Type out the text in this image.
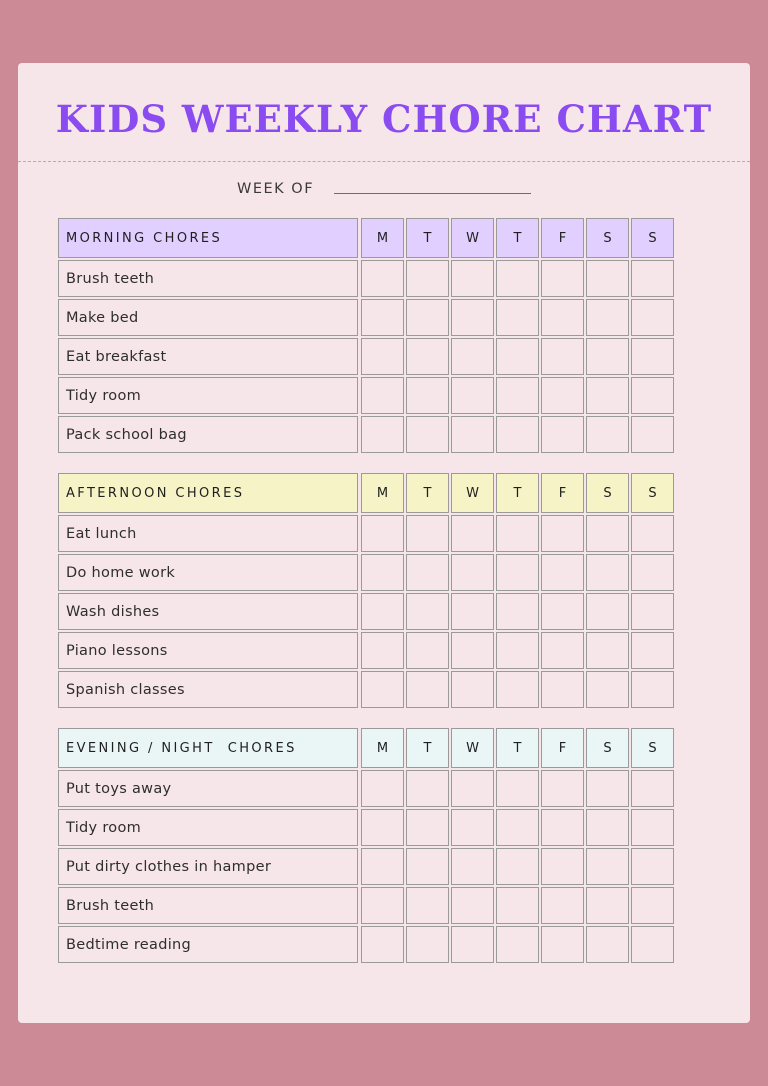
KIDS WEEKLY CHORE CHART
WEEK OF
MORNING CHORES	M	T	W	T	F	S	S
Brush teeth
Make bed
Eat breakfast
Tidy room
Pack school bag
AFTERNOON CHORES	M	T	W	T	F	S	S
Eat lunch
Do home work
Wash dishes
Piano lessons
Spanish classes
EVENING / NIGHT  CHORES	M	T	W	T	F	S	S
Put toys away
Tidy room
Put dirty clothes in hamper
Brush teeth
Bedtime reading
